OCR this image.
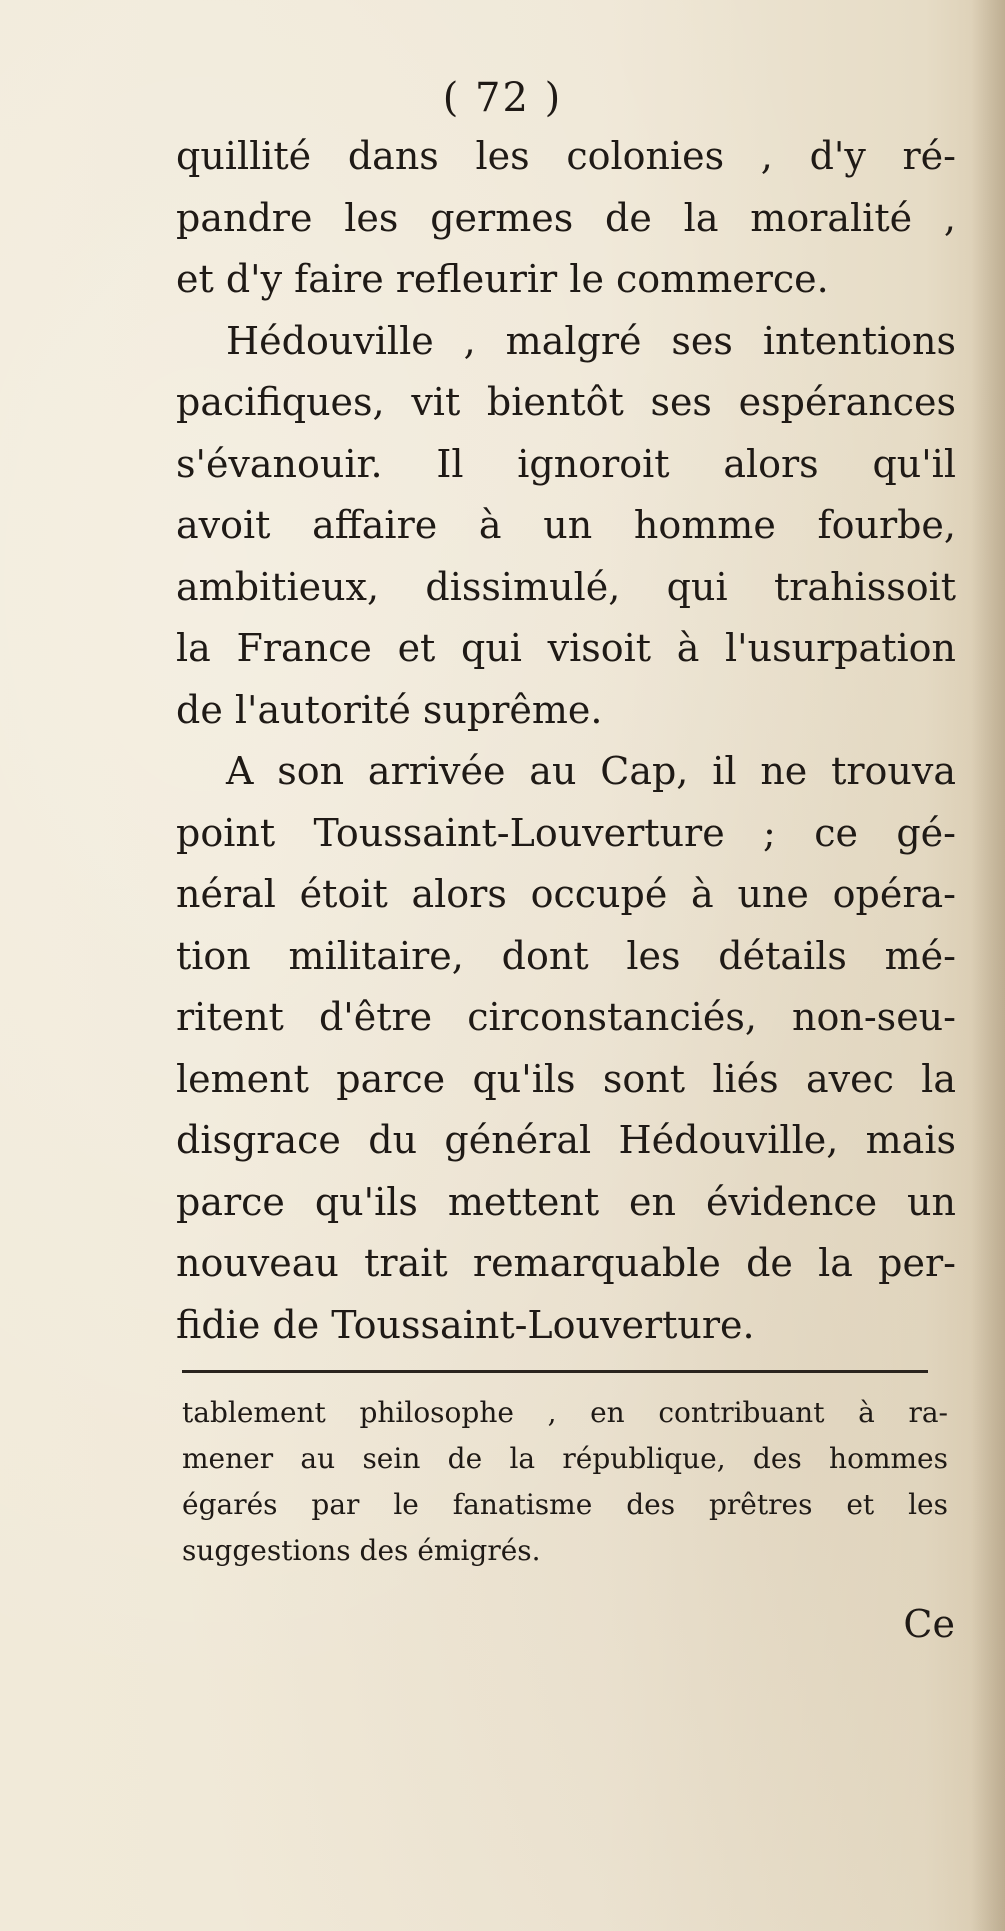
( 72 )
quillité dans les colonies , d'y ré-
pandre les germes de la moralité ,
et d'y faire refleurir le commerce.
Hédouville , malgré ses intentions
pacifiques, vit bientôt ses espérances
s'évanouir. Il ignoroit alors qu'il
avoit affaire à un homme fourbe,
ambitieux, dissimulé, qui trahissoit
la France et qui visoit à l'usurpation
de l'autorité suprême.
A son arrivée au Cap, il ne trouva
point Toussaint-Louverture ; ce gé-
néral étoit alors occupé à une opéra-
tion militaire, dont les détails mé-
ritent d'être circonstanciés, non-seu-
lement parce qu'ils sont liés avec la
disgrace du général Hédouville, mais
parce qu'ils mettent en évidence un
nouveau trait remarquable de la per-
fidie de Toussaint-Louverture.
tablement philosophe , en contribuant à ra-
mener au sein de la république, des hommes
égarés par le fanatisme des prêtres et les
suggestions des émigrés.
Ce
